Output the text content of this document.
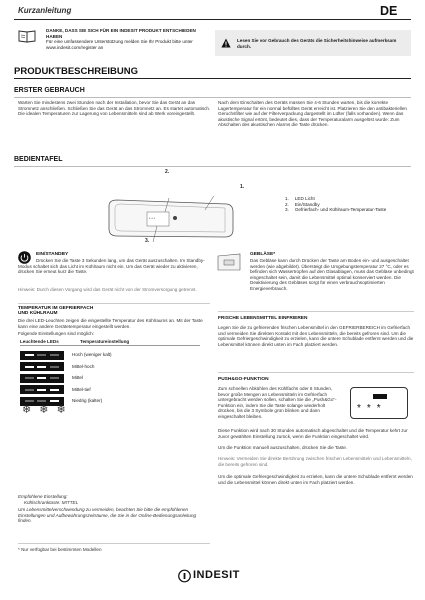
Kurzanleitung	DE
DANKE, DASS SIE SICH FÜR EIN INDESIT PRODUKT ENTSCHIEDEN HABEN
Für eine umfassendere Unterstützung melden Sie Ihr Produkt bitte unter www.indesit.com/register an
Lesen Sie vor Gebrauch des Geräts die Sicherheitshinweise aufmerksam durch.
PRODUKTBESCHREIBUNG
ERSTER GEBRAUCH
Warten Sie mindestens zwei Stunden nach der Installation, bevor Sie das Gerät an das Stromnetz anschließen. Schließen Sie das Gerät an das Stromnetz an. Es startet automatisch. Die idealen Temperaturen zur Lagerung von Lebensmitteln sind ab Werk voreingestellt.
Nach dem Einschalten des Geräts müssen Sie 4-6 Stunden warten, bis die korrekte Lagertemperatur für ein normal befülltes Gerät erreicht ist. Platzieren Sie den antibakteriellen Geruchsfilter wie auf der Filterverpackung dargestellt im Lüfter (falls vorhanden). Wenn das akustische Signal ertönt, bedeutet dies, dass der Temperaturalarm ausgelöst wurde: Zum Abschalten des akustischen Alarms die Taste drücken.
BEDIENTAFEL
2.
1.
3.
* * *
1. LED Licht
2. Ein/Standby
3. Gefrierfach- und Kühlraum-Temperatur-Taste
EIN/STANDBY
Drücken Sie die Taste 3 Sekunden lang, um das Gerät auszuschalten. Im Standby-Modus schaltet sich das Licht im Kühlraum nicht ein. Um das Gerät wieder zu aktivieren, drücken Sie erneut kurz die Taste.
Hinweis: Durch diesen Vorgang wird das Gerät nicht von der Stromversorgung getrennt.
TEMPERATUR IM GEFRIERFACH
UND KÜHLRAUM
Die drei LED-Leuchten zeigen die eingestellte Temperatur des Kühlraums an. Mit der Taste kann eine andere Gerätetemperatur eingestellt werden.
Folgende Einstellungen sind möglich:
Leuchtende LEDs	Temperatureinstellung
Hoch (weniger kalt)
Mittel-hoch
Mittel
Mittel-tief
Niedrig (kalter)
❄ ❄ ❄
Empfohlene Einstellung:
Kühlschranktaste: MITTEL
Um Lebensmittelverschwendung zu vermeiden, beachten Sie bitte die empfohlenen Einstellungen und Aufbewahrungszeiträume, die Sie in der Online-Bedienungsanleitung finden.
GEBLÄSE*
Das Gebläse kann durch Drücken der Taste am Boden ein- und ausgeschaltet werden (wie abgebildet). Übersteigt die Umgebungstemperatur 27 °C, oder es befinden sich Wassertropfen auf den Glasablagen, muss das Gebläse unbedingt eingeschaltet sein, damit die Lebensmittel optimal konserviert werden. Die Deaktivierung des Gebläses sorgt für einen verbrauchsoptimierten Energieverbrauch.
FRISCHE LEBENSMITTEL EINFRIEREN
Legen Sie die zu gefrierenden frischen Lebensmittel in den GEFRIERBEREICH im Gefrierfach und vermeiden Sie direkten Kontakt mit den Lebensmitteln, die bereits gefroren sind. Um die optimale Gefriergeschwindigkeit zu erzielen, kann die untere Schublade entfernt werden und die Lebensmittel können direkt unten im Fach platziert werden.
PUSH&GO-FUNKTION
Zum schnellen Abkühlen des Kühlfachs oder 6 Stunden, bevor große Mengen an Lebensmitteln im Gefrierfach untergebracht werden sollen, schalten Sie die „Push&Go“-Funktion ein, indem Sie die Taste solange wiederholt drücken, bis die 3 Symbole grün blinken und dann eingeschaltet bleiben.
***
Diese Funktion wird nach 30 Stunden automatisch abgeschaltet und die Temperatur kehrt zur zuvor gewählten Einstellung zurück, wenn die Funktion eingeschaltet wird.
Um die Funktion manuell auszuschalten, drücken Sie die Taste.
Hinweis: Vermeiden Sie direkte Berührung zwischen frischen Lebensmitteln und Lebensmitteln, die bereits gefroren sind.
Um die optimale Gefriergeschwindigkeit zu erzielen, kann die untere Schublade entfernt werden und die Lebensmittel können direkt unten im Fach platziert werden.
* Nur verfügbar bei bestimmten Modellen
INDESIT
